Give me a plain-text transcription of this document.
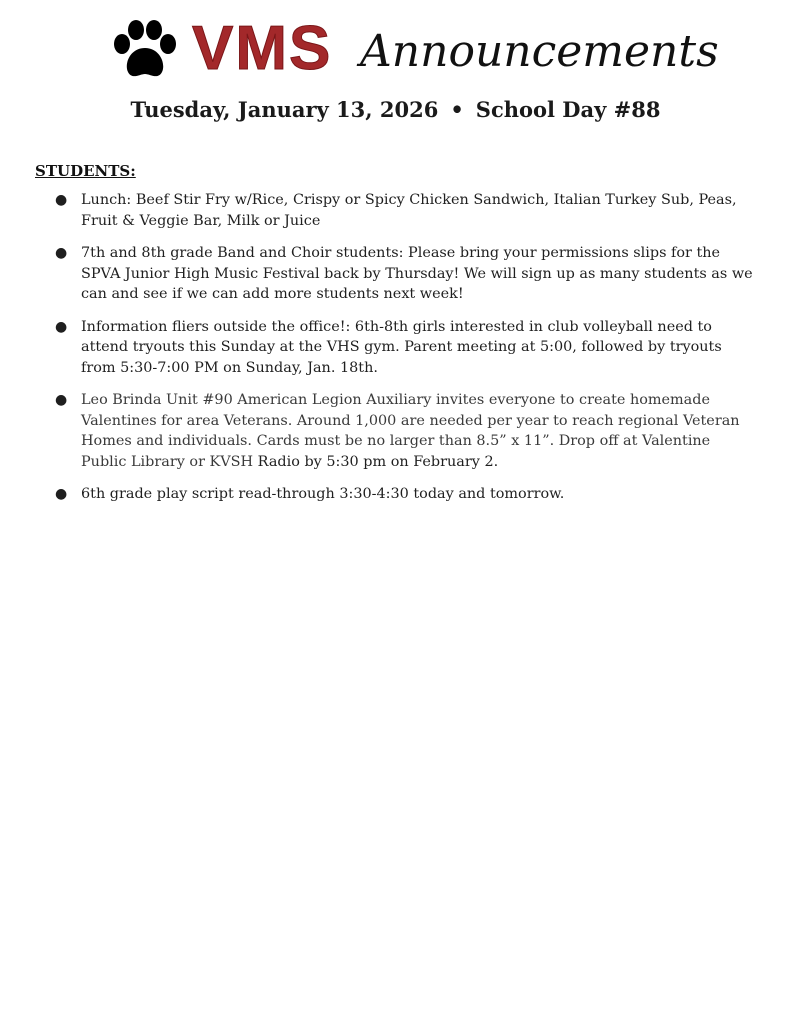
VMS Announcements
Tuesday, January 13, 2026 • School Day #88
STUDENTS:
● Lunch: Beef Stir Fry w/Rice, Crispy or Spicy Chicken Sandwich, Italian Turkey Sub, Peas, Fruit & Veggie Bar, Milk or Juice
● 7th and 8th grade Band and Choir students: Please bring your permissions slips for the SPVA Junior High Music Festival back by Thursday! We will sign up as many students as we can and see if we can add more students next week!
● Information fliers outside the office!: 6th-8th girls interested in club volleyball need to attend tryouts this Sunday at the VHS gym. Parent meeting at 5:00, followed by tryouts from 5:30-7:00 PM on Sunday, Jan. 18th.
● Leo Brinda Unit #90 American Legion Auxiliary invites everyone to create homemade Valentines for area Veterans. Around 1,000 are needed per year to reach regional Veteran Homes and individuals. Cards must be no larger than 8.5” x 11”. Drop off at Valentine Public Library or KVSH Radio by 5:30 pm on February 2.
● 6th grade play script read-through 3:30-4:30 today and tomorrow.
